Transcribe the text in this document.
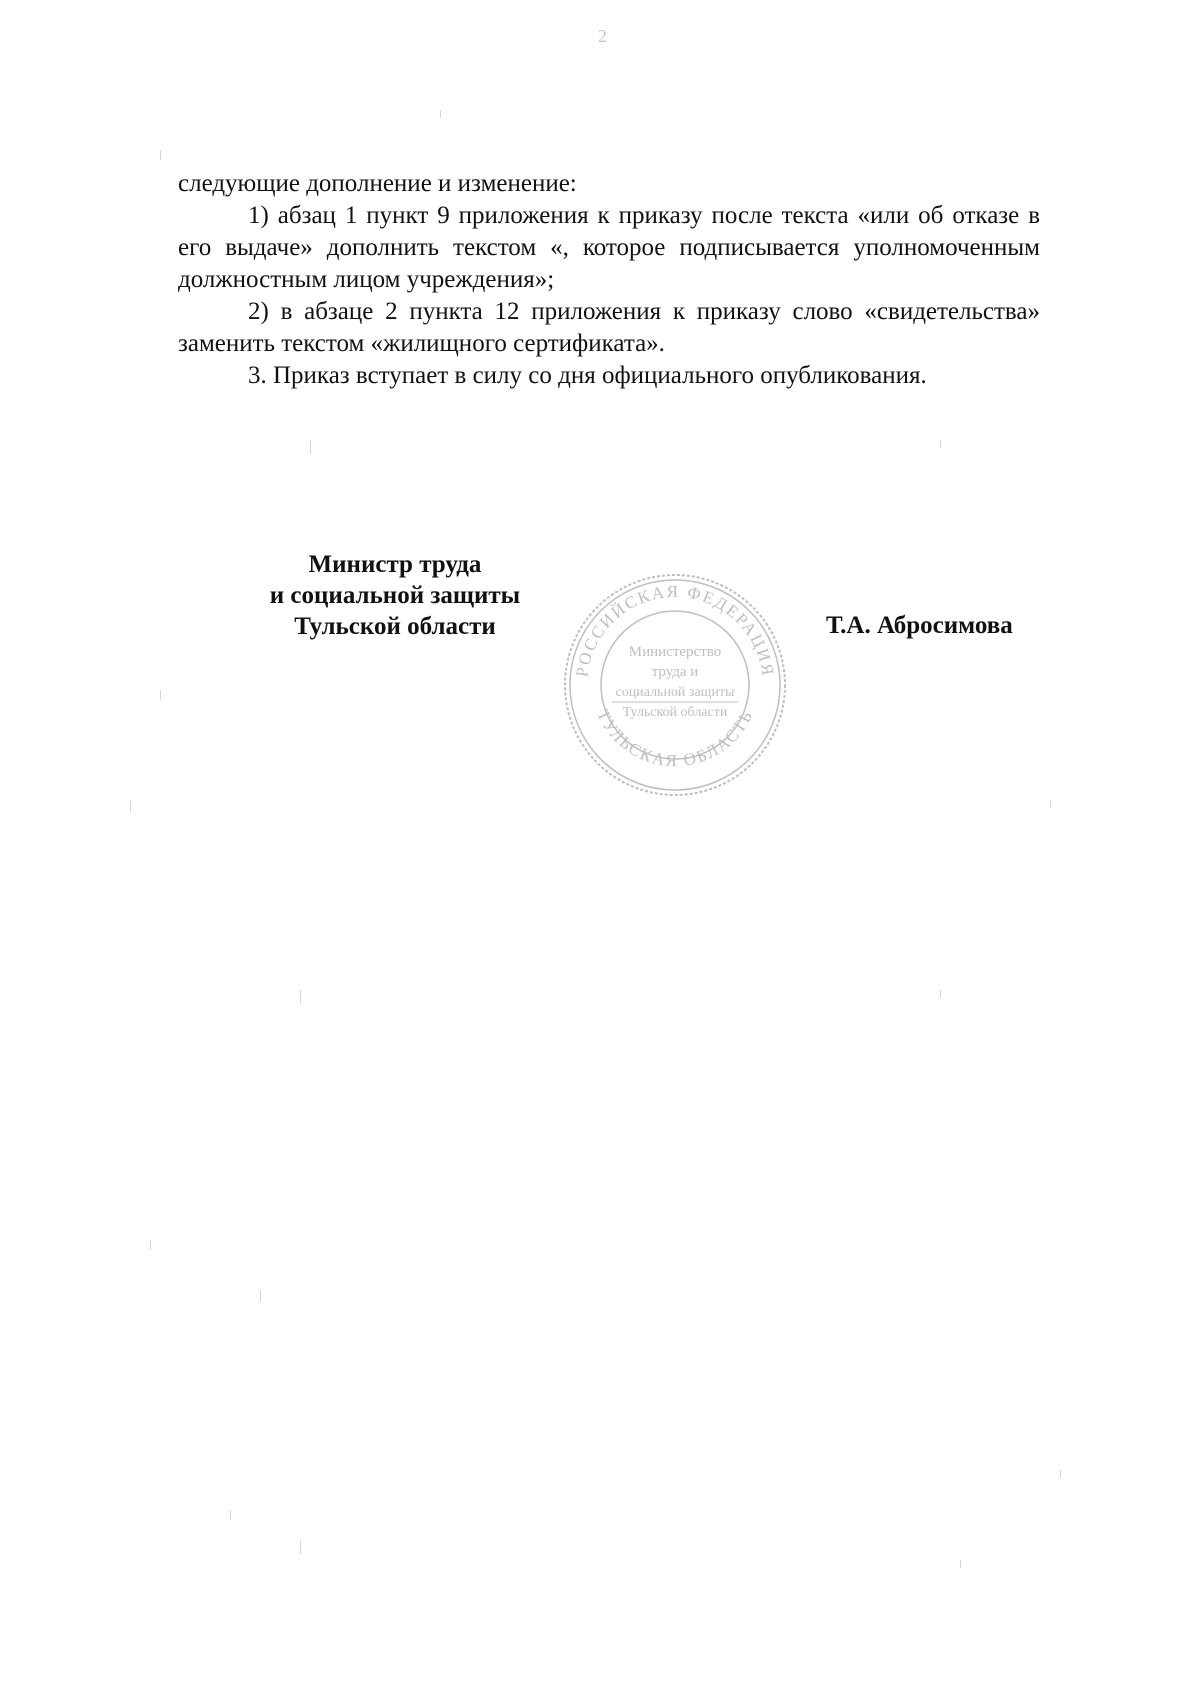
2

следующие дополнение и изменение:

1) абзац 1 пункт 9 приложения к приказу после текста «или об отказе в его выдаче» дополнить текстом «, которое подписывается уполномоченным должностным лицом учреждения»;

2) в абзаце 2 пункта 12 приложения к приказу слово «свидетельства» заменить текстом «жилищного сертификата».

3. Приказ вступает в силу со дня официального опубликования.

Министр труда
и социальной защиты
Тульской области
РОССИЙСКАЯ ФЕДЕРАЦИЯ
ТУЛЬСКАЯ ОБЛАСТЬ
Министерство
труда и
социальной защиты
Тульской области
Т.А. Абросимова
